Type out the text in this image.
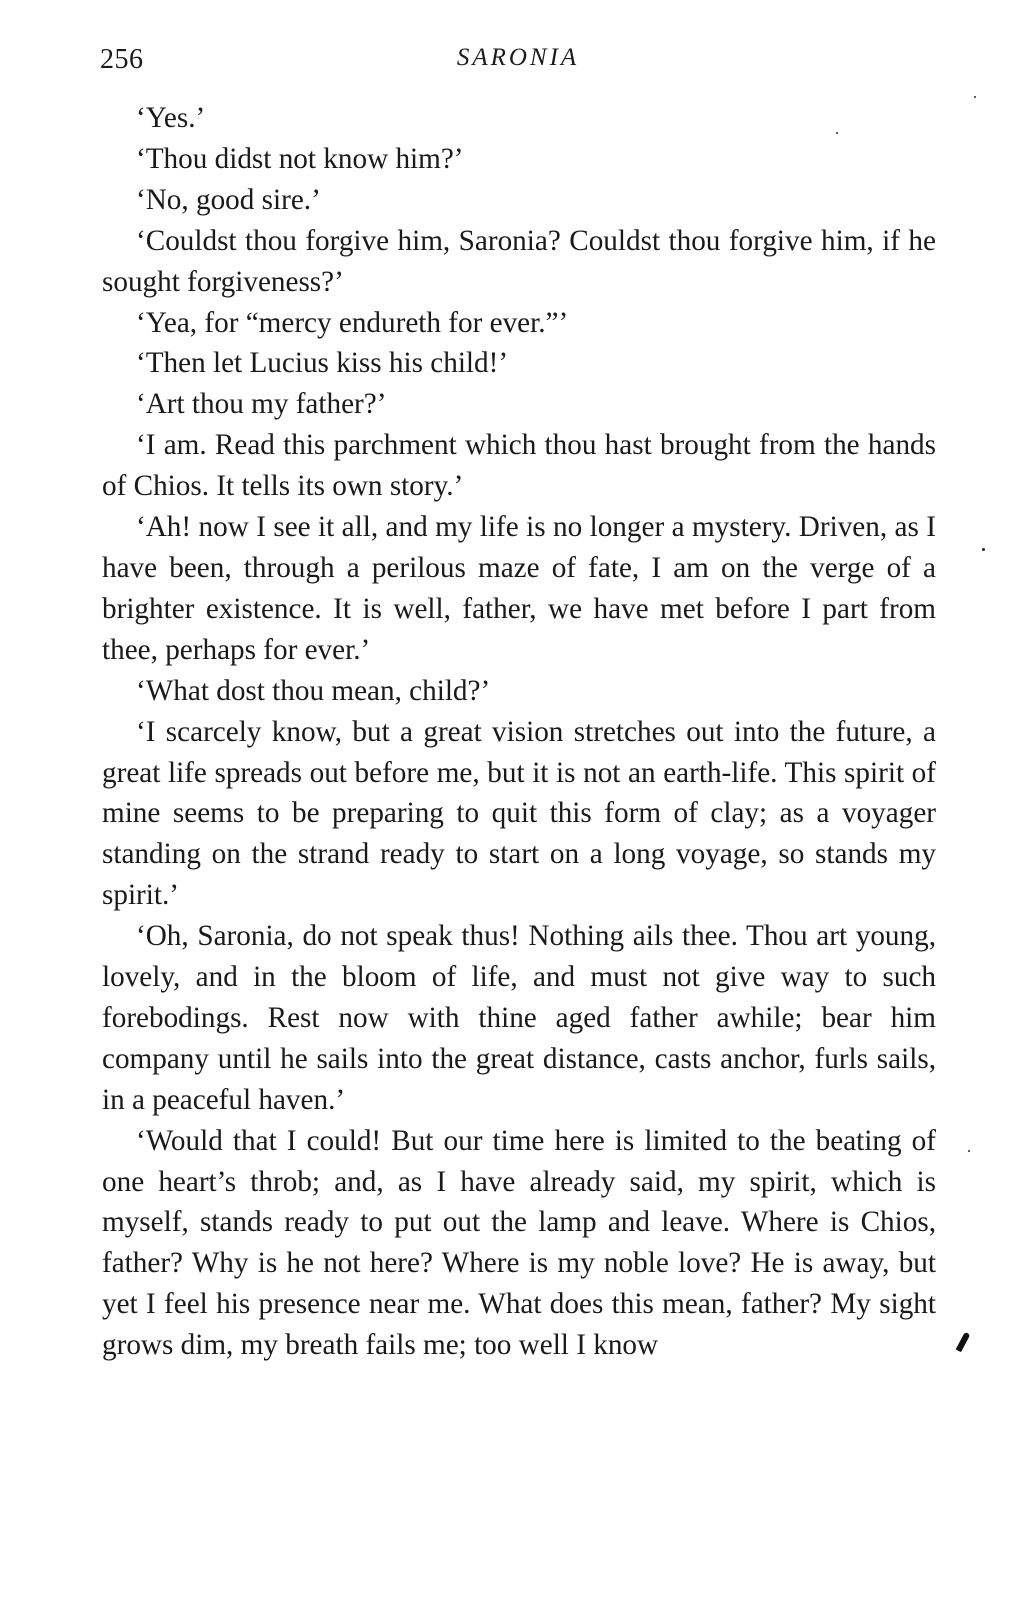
256	SARONIA

‘Yes.’

‘Thou didst not know him?’

‘No, good sire.’

‘Couldst thou forgive him, Saronia? Couldst thou forgive him, if he sought forgiveness?’

‘Yea, for “mercy endureth for ever.”’

‘Then let Lucius kiss his child!’

‘Art thou my father?’

‘I am. Read this parchment which thou hast brought from the hands of Chios. It tells its own story.’

‘Ah! now I see it all, and my life is no longer a mystery. Driven, as I have been, through a perilous maze of fate, I am on the verge of a brighter existence. It is well, father, we have met before I part from thee, perhaps for ever.’

‘What dost thou mean, child?’

‘I scarcely know, but a great vision stretches out into the future, a great life spreads out before me, but it is not an earth-life. This spirit of mine seems to be preparing to quit this form of clay; as a voyager standing on the strand ready to start on a long voyage, so stands my spirit.’

‘Oh, Saronia, do not speak thus! Nothing ails thee. Thou art young, lovely, and in the bloom of life, and must not give way to such forebodings. Rest now with thine aged father awhile; bear him company until he sails into the great distance, casts anchor, furls sails, in a peaceful haven.’

‘Would that I could! But our time here is limited to the beating of one heart’s throb; and, as I have already said, my spirit, which is myself, stands ready to put out the lamp and leave. Where is Chios, father? Why is he not here? Where is my noble love? He is away, but yet I feel his presence near me. What does this mean, father? My sight grows dim, my breath fails me; too well I know
